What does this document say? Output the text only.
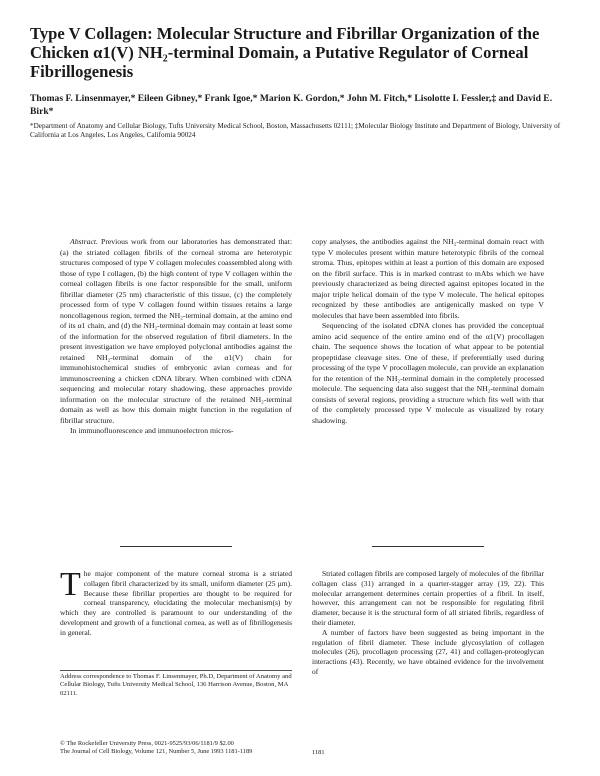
Type V Collagen: Molecular Structure and Fibrillar Organization of the Chicken α1(V) NH₂-terminal Domain, a Putative Regulator of Corneal Fibrillogenesis
Thomas F. Linsenmayer,* Eileen Gibney,* Frank Igoe,* Marion K. Gordon,* John M. Fitch,* Lisolotte I. Fessler,‡ and David E. Birk*
*Department of Anatomy and Cellular Biology, Tufts University Medical School, Boston, Massachusetts 02111; ‡Molecular Biology Institute and Department of Biology, University of California at Los Angeles, Los Angeles, California 90024

Abstract. Previous work from our laboratories has demonstrated that: (a) the striated collagen fibrils of the corneal stroma are heterotypic structures composed of type V collagen molecules coassembled along with those of type I collagen, (b) the high content of type V collagen within the corneal collagen fibrils is one factor responsible for the small, uniform fibrillar diameter (25 nm) characteristic of this tissue, (c) the completely processed form of type V collagen found within tissues retains a large noncollagenous region, termed the NH₂-terminal domain, at the amino end of its α1 chain, and (d) the NH₂-terminal domain may contain at least some of the information for the observed regulation of fibril diameters. In the present investigation we have employed polyclonal antibodies against the retained NH₂-terminal domain of the α1(V) chain for immunohistochemical studies of embryonic avian corneas and for immunoscreening a chicken cDNA library. When combined with cDNA sequencing and molecular rotary shadowing, these approaches provide information on the molecular structure of the retained NH₂-terminal domain as well as how this domain might function in the regulation of fibrillar structure.

In immunofluorescence and immunoelectron micros-

copy analyses, the antibodies against the NH₂-terminal domain react with type V molecules present within mature heterotypic fibrils of the corneal stroma. Thus, epitopes within at least a portion of this domain are exposed on the fibril surface. This is in marked contrast to mAbs which we have previously characterized as being directed against epitopes located in the major triple helical domain of the type V molecule. The helical epitopes recognized by these antibodies are antigenically masked on type V molecules that have been assembled into fibrils.

Sequencing of the isolated cDNA clones has provided the conceptual amino acid sequence of the entire amino end of the α1(V) procollagen chain. The sequence shows the location of what appear to be potential propeptidase cleavage sites. One of these, if preferentially used during processing of the type V procollagen molecule, can provide an explanation for the retention of the NH₂-terminal domain in the completely processed molecule. The sequencing data also suggest that the NH₂-terminal domain consists of several regions, providing a structure which fits well with that of the completely processed type V molecule as visualized by rotary shadowing.

The major component of the mature corneal stroma is a striated collagen fibril characterized by its small, uniform diameter (25 μm). Because these fibrillar properties are thought to be required for corneal transparency, elucidating the molecular mechanism(s) by which they are controlled is paramount to our understanding of the development and growth of a functional cornea, as well as of fibrillogenesis in general.

Striated collagen fibrils are composed largely of molecules of the fibrillar collagen class (31) arranged in a quarter-stagger array (19, 22). This molecular arrangement determines certain properties of a fibril. In itself, however, this arrangement can not be responsible for regulating fibril diameter, because it is the structural form of all striated fibrils, regardless of their diameter.

A number of factors have been suggested as being important in the regulation of fibril diameter. These include glycosylation of collagen molecules (26), procollagen processing (27, 41) and collagen-proteoglycan interactions (43). Recently, we have obtained evidence for the involvement of

Address correspondence to Thomas F. Linsenmayer, Ph.D, Department of Anatomy and Cellular Biology, Tufts University Medical School, 136 Harrison Avenue, Boston, MA 02111.
© The Rockefeller University Press, 0021-9525/93/06/1181/9 $2.00
The Journal of Cell Biology, Volume 121, Number 5, June 1993 1181-1189	1181
